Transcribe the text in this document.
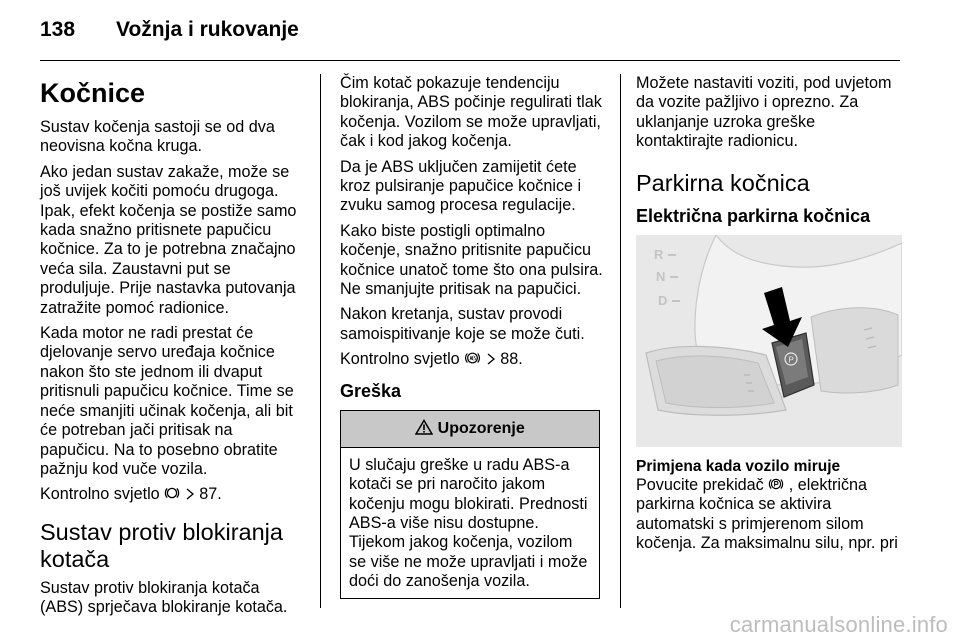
138 Vožnja i rukovanje
Kočnice

Sustav kočenja sastoji se od dva neovisna kočna kruga.

Ako jedan sustav zakaže, može se još uvijek kočiti pomoću drugoga. Ipak, efekt kočenja se postiže samo kada snažno pritisnete papučicu kočnice. Za to je potrebna značajno veća sila. Zaustavni put se produljuje. Prije nastavka putovanja zatražite pomoć radionice.

Kada motor ne radi prestat će djelovanje servo uređaja kočnice nakon što ste jednom ili dvaput pritisnuli papučicu kočnice. Time se neće smanjiti učinak kočenja, ali bit će potreban jači pritisak na papučicu. Na to posebno obratite pažnju kod vuče vozila.

Kontrolno svjetlo   87.

Sustav protiv blokiranja kotača

Sustav protiv blokiranja kotača (ABS) sprječava blokiranje kotača.

Čim kotač pokazuje tendenciju blokiranja, ABS počinje regulirati tlak kočenja. Vozilom se može upravljati, čak i kod jakog kočenja.

Da je ABS uključen zamijetit ćete kroz pulsiranje papučice kočnice i zvuku samog procesa regulacije.

Kako biste postigli optimalno kočenje, snažno pritisnite papučicu kočnice unatoč tome što ona pulsira. Ne smanjujte pritisak na papučici.

Nakon kretanja, sustav provodi samoispitivanje koje se može čuti.

Kontrolno svjetlo   88.

Greška
Upozorenje
U slučaju greške u radu ABS-a kotači se pri naročito jakom kočenju mogu blokirati. Prednosti ABS-a više nisu dostupne. Tijekom jakog kočenja, vozilom se više ne može upravljati i može doći do zanošenja vozila.

Možete nastaviti voziti, pod uvjetom da vozite pažljivo i oprezno. Za uklanjanje uzroka greške kontaktirajte radionicu.

Parkirna kočnica
Električna parkirna kočnica
P
R
N
D

Primjena kada vozilo miruje

Povucite prekidač  , električna parkirna kočnica se aktivira automatski s primjerenom silom kočenja. Za maksimalnu silu, npr. pri

carmanualsonline.info
